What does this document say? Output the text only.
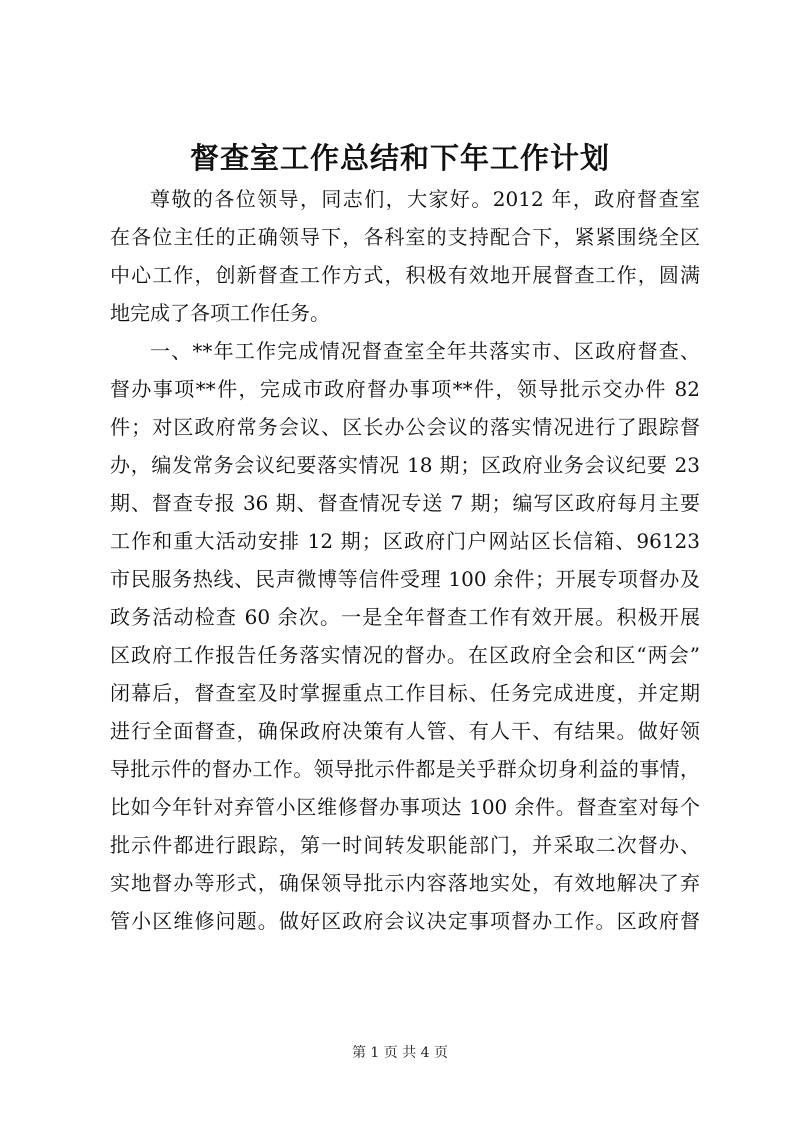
督查室工作总结和下年工作计划
尊敬的各位领导，同志们，大家好。2012 年，政府督查室
在各位主任的正确领导下，各科室的支持配合下，紧紧围绕全区
中心工作，创新督查工作方式，积极有效地开展督查工作，圆满
地完成了各项工作任务。
一、**年工作完成情况督查室全年共落实市、区政府督查、
督办事项**件，完成市政府督办事项**件，领导批示交办件 82
件；对区政府常务会议、区长办公会议的落实情况进行了跟踪督
办，编发常务会议纪要落实情况 18 期；区政府业务会议纪要 23
期、督查专报 36 期、督查情况专送 7 期；编写区政府每月主要
工作和重大活动安排 12 期；区政府门户网站区长信箱、96123
市民服务热线、民声微博等信件受理 100 余件；开展专项督办及
政务活动检查 60 余次。一是全年督查工作有效开展。积极开展
区政府工作报告任务落实情况的督办。在区政府全会和区“两会”
闭幕后，督查室及时掌握重点工作目标、任务完成进度，并定期
进行全面督查，确保政府决策有人管、有人干、有结果。做好领
导批示件的督办工作。领导批示件都是关乎群众切身利益的事情，
比如今年针对弃管小区维修督办事项达 100 余件。督查室对每个
批示件都进行跟踪，第一时间转发职能部门，并采取二次督办、
实地督办等形式，确保领导批示内容落地实处，有效地解决了弃
管小区维修问题。做好区政府会议决定事项督办工作。区政府督
第 1 页 共 4 页
